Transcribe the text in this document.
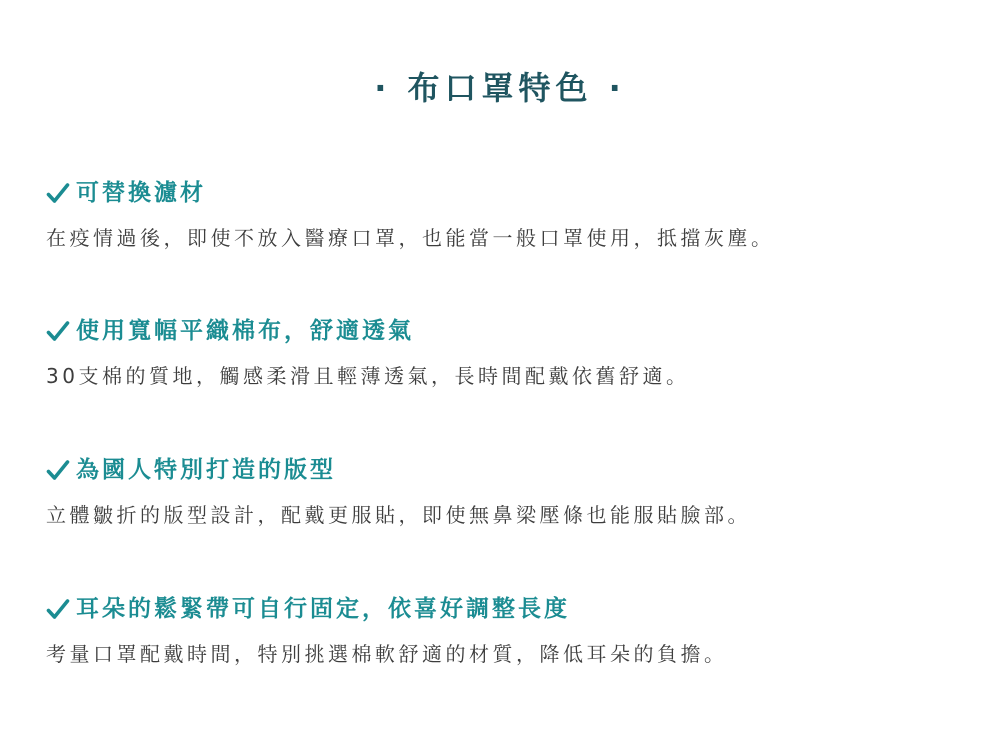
· 布口罩特色 ·
可替換濾材
在疫情過後，即使不放入醫療口罩，也能當一般口罩使用，抵擋灰塵。
使用寬幅平織棉布，舒適透氣
30支棉的質地，觸感柔滑且輕薄透氣，長時間配戴依舊舒適。
為國人特別打造的版型
立體皺折的版型設計，配戴更服貼，即使無鼻梁壓條也能服貼臉部。
耳朵的鬆緊帶可自行固定，依喜好調整長度
考量口罩配戴時間，特別挑選棉軟舒適的材質，降低耳朵的負擔。
